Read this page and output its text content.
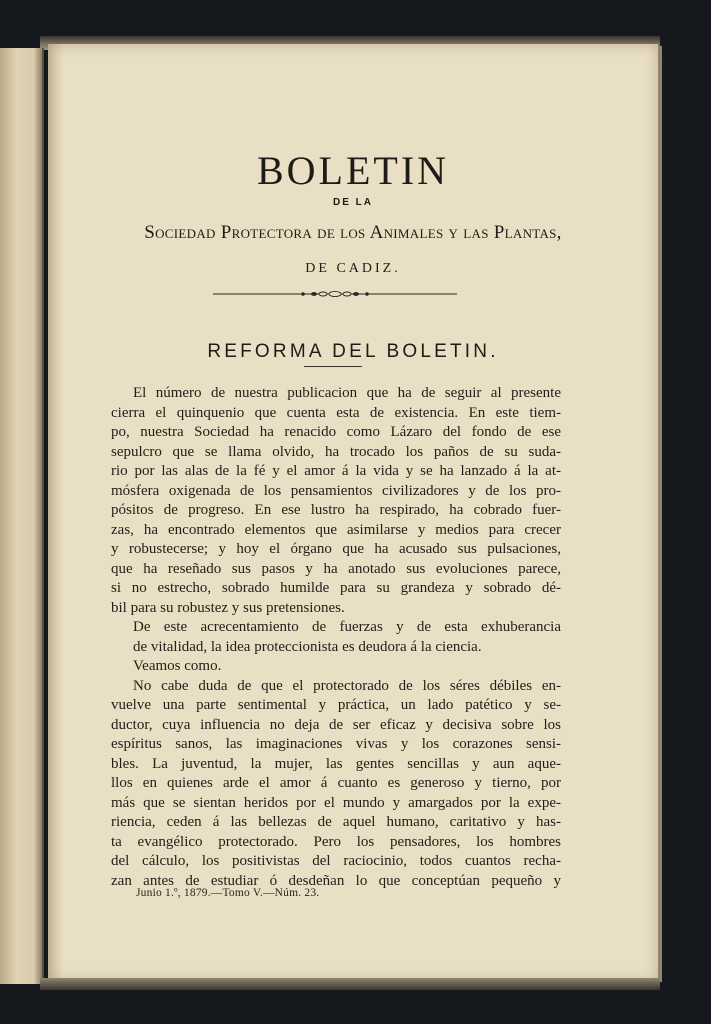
BOLETIN
DE LA
Sociedad Protectora de los Animales y las Plantas,
DE CADIZ.
REFORMA DEL BOLETIN.
El número de nuestra publicacion que ha de seguir al presente
cierra el quinquenio que cuenta esta de existencia. En este tiem-
po, nuestra Sociedad ha renacido como Lázaro del fondo de ese
sepulcro que se llama olvido, ha trocado los paños de su suda-
rio por las alas de la fé y el amor á la vida y se ha lanzado á la at-
mósfera oxigenada de los pensamientos civilizadores y de los pro-
pósitos de progreso. En ese lustro ha respirado, ha cobrado fuer-
zas, ha encontrado elementos que asimilarse y medios para crecer
y robustecerse; y hoy el órgano que ha acusado sus pulsaciones,
que ha reseñado sus pasos y ha anotado sus evoluciones parece,
si no estrecho, sobrado humilde para su grandeza y sobrado dé-
bil para su robustez y sus pretensiones.
De este acrecentamiento de fuerzas y de esta exhuberancia
de vitalidad, la idea proteccionista es deudora á la ciencia.
Veamos como.
No cabe duda de que el protectorado de los séres débiles en-
vuelve una parte sentimental y práctica, un lado patético y se-
ductor, cuya influencia no deja de ser eficaz y decisiva sobre los
espíritus sanos, las imaginaciones vivas y los corazones sensi-
bles. La juventud, la mujer, las gentes sencillas y aun aque-
llos en quienes arde el amor á cuanto es generoso y tierno, por
más que se sientan heridos por el mundo y amargados por la expe-
riencia, ceden á las bellezas de aquel humano, caritativo y has-
ta evangélico protectorado. Pero los pensadores, los hombres
del cálculo, los positivistas del raciocinio, todos cuantos recha-
zan antes de estudiar ó desdeñan lo que conceptúan pequeño y
Junio 1.º, 1879.—Tomo V.—Núm. 23.
